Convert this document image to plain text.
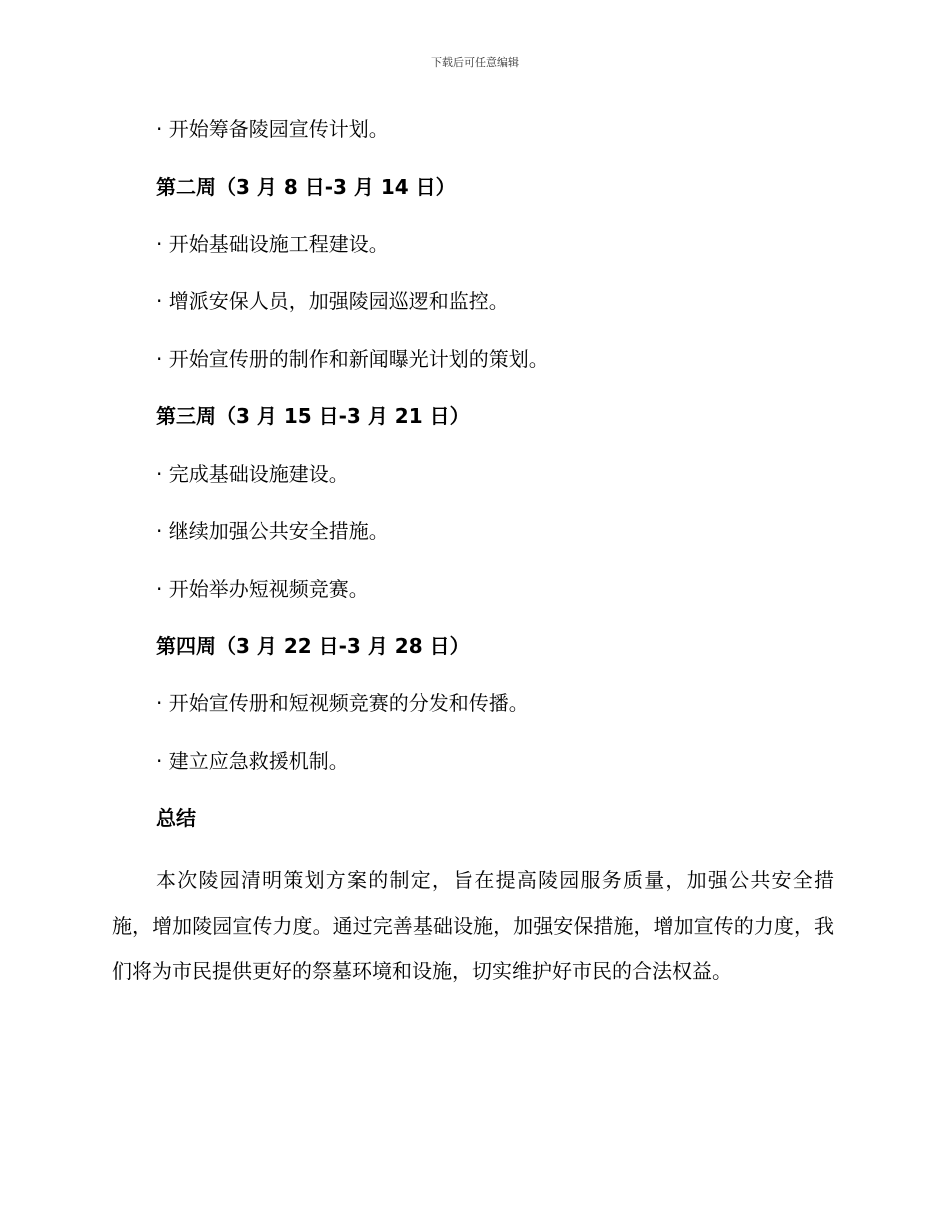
下载后可任意编辑
· 开始筹备陵园宣传计划。
第二周（3 月 8 日-3 月 14 日）
· 开始基础设施工程建设。
· 增派安保人员，加强陵园巡逻和监控。
· 开始宣传册的制作和新闻曝光计划的策划。
第三周（3 月 15 日-3 月 21 日）
· 完成基础设施建设。
· 继续加强公共安全措施。
· 开始举办短视频竞赛。
第四周（3 月 22 日-3 月 28 日）
· 开始宣传册和短视频竞赛的分发和传播。
· 建立应急救援机制。
总结

本次陵园清明策划方案的制定，旨在提高陵园服务质量，加强公共安全措施，增加陵园宣传力度。通过完善基础设施，加强安保措施，增加宣传的力度，我们将为市民提供更好的祭墓环境和设施，切实维护好市民的合法权益。
